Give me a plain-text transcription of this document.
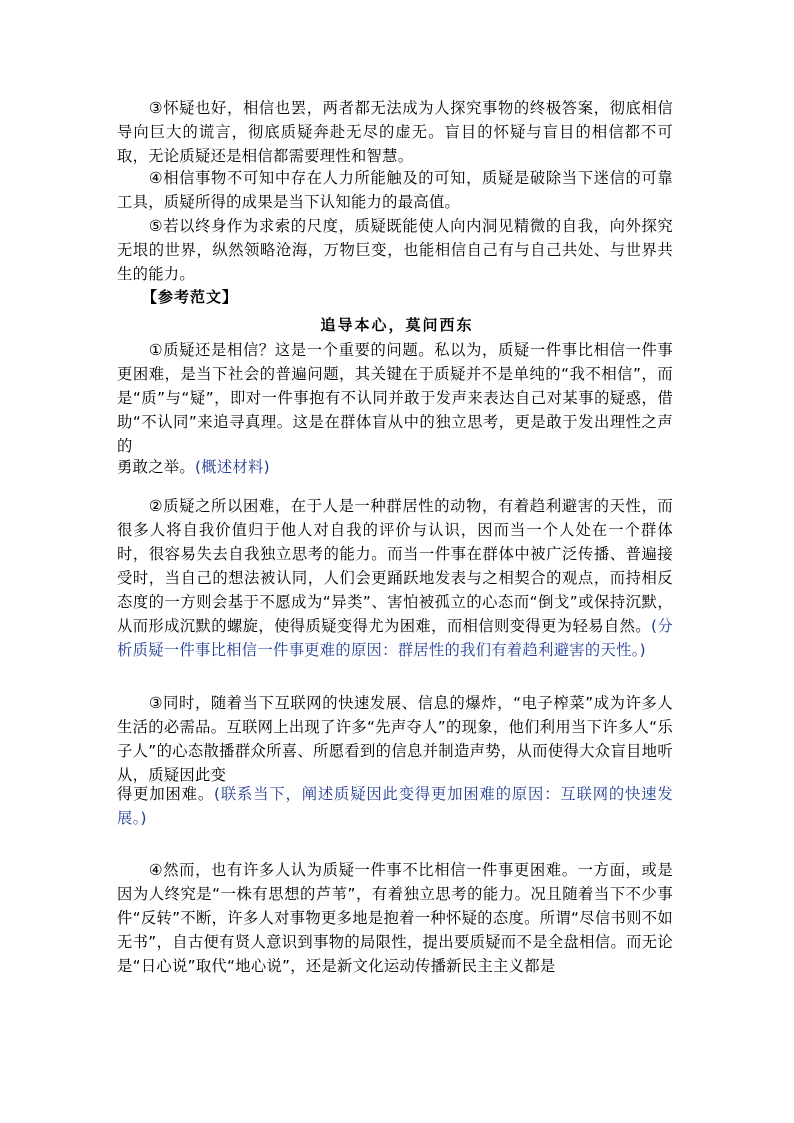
　　③怀疑也好，相信也罢，两者都无法成为人探究事物的终极答案，彻底相信导向巨大的谎言，彻底质疑奔赴无尽的虚无。盲目的怀疑与盲目的相信都不可取，无论质疑还是相信都需要理性和智慧。
　　④相信事物不可知中存在人力所能触及的可知，质疑是破除当下迷信的可靠工具，质疑所得的成果是当下认知能力的最高值。
　　⑤若以终身作为求索的尺度，质疑既能使人向内洞见精微的自我，向外探究无垠的世界，纵然领略沧海，万物巨变，也能相信自己有与自己共处、与世界共生的能力。
【参考范文】
追导本心，莫问西东
　　①质疑还是相信？这是一个重要的问题。私以为，质疑一件事比相信一件事更困难，是当下社会的普遍问题，其关键在于质疑并不是单纯的“我不相信”，而是“质”与“疑”，即对一件事抱有不认同并敢于发声来表达自己对某事的疑惑，借助“不认同”来追寻真理。这是在群体盲从中的独立思考，更是敢于发出理性之声的
勇敢之举。(概述材料)
　　②质疑之所以困难，在于人是一种群居性的动物，有着趋利避害的天性，而很多人将自我价值归于他人对自我的评价与认识，因而当一个人处在一个群体时，很容易失去自我独立思考的能力。而当一件事在群体中被广泛传播、普遍接受时，当自己的想法被认同，人们会更踊跃地发表与之相契合的观点，而持相反态度的一方则会基于不愿成为“异类”、害怕被孤立的心态而“倒戈”或保持沉默，从而形成沉默的螺旋，使得质疑变得尤为困难，而相信则变得更为轻易自然。(分析质疑一件事比相信一件事更难的原因：群居性的我们有着趋利避害的天性。)
　　③同时，随着当下互联网的快速发展、信息的爆炸，“电子榨菜”成为许多人生活的必需品。互联网上出现了许多“先声夺人”的现象，他们利用当下许多人“乐子人”的心态散播群众所喜、所愿看到的信息并制造声势，从而使得大众盲目地听从，质疑因此变
得更加困难。(联系当下，阐述质疑因此变得更加困难的原因：互联网的快速发展。)
　　④然而，也有许多人认为质疑一件事不比相信一件事更困难。一方面，或是因为人终究是“一株有思想的芦苇”，有着独立思考的能力。况且随着当下不少事件“反转”不断，许多人对事物更多地是抱着一种怀疑的态度。所谓“尽信书则不如无书”，自古便有贤人意识到事物的局限性，提出要质疑而不是全盘相信。而无论是“日心说”取代“地心说”，还是新文化运动传播新民主主义都是
